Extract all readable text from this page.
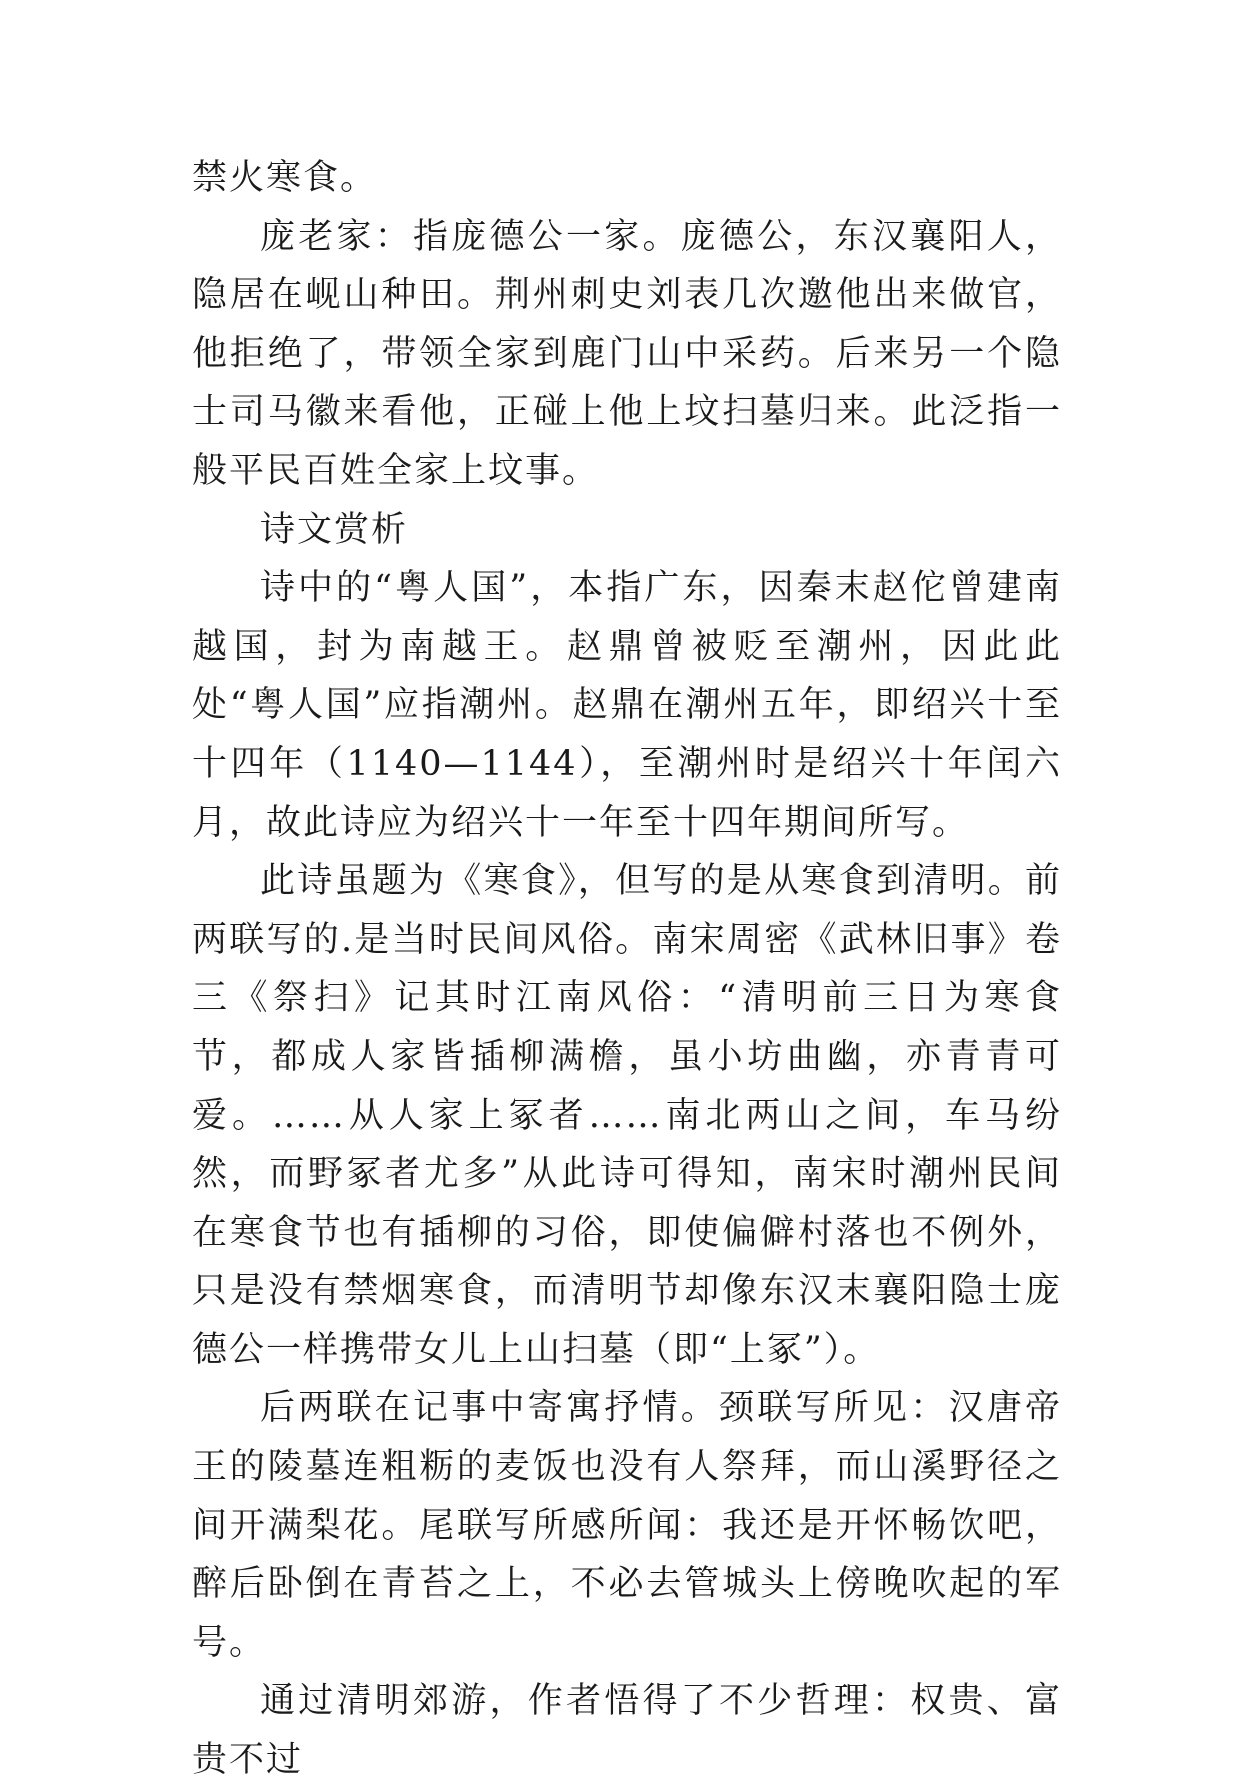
禁火寒食。

庞老家：指庞德公一家。庞德公，东汉襄阳人，隐居在岘山种田。荆州刺史刘表几次邀他出来做官，他拒绝了，带领全家到鹿门山中采药。后来另一个隐士司马徽来看他，正碰上他上坟扫墓归来。此泛指一般平民百姓全家上坟事。

诗文赏析

诗中的“粤人国”，本指广东，因秦末赵佗曾建南越国，封为南越王。赵鼎曾被贬至潮州，因此此处“粤人国”应指潮州。赵鼎在潮州五年，即绍兴十至十四年（1140—1144），至潮州时是绍兴十年闰六月，故此诗应为绍兴十一年至十四年期间所写。

此诗虽题为《寒食》，但写的是从寒食到清明。前两联写的.是当时民间风俗。南宋周密《武林旧事》卷三《祭扫》记其时江南风俗：“清明前三日为寒食节，都成人家皆插柳满檐，虽小坊曲幽，亦青青可爱。……从人家上冢者……南北两山之间，车马纷然，而野冢者尤多”从此诗可得知，南宋时潮州民间在寒食节也有插柳的习俗，即使偏僻村落也不例外，只是没有禁烟寒食，而清明节却像东汉末襄阳隐士庞德公一样携带女儿上山扫墓（即“上冢”）。

后两联在记事中寄寓抒情。颈联写所见：汉唐帝王的陵墓连粗粝的麦饭也没有人祭拜，而山溪野径之间开满梨花。尾联写所感所闻：我还是开怀畅饮吧，醉后卧倒在青苔之上，不必去管城头上傍晚吹起的军号。

通过清明郊游，作者悟得了不少哲理：权贵、富贵不过
